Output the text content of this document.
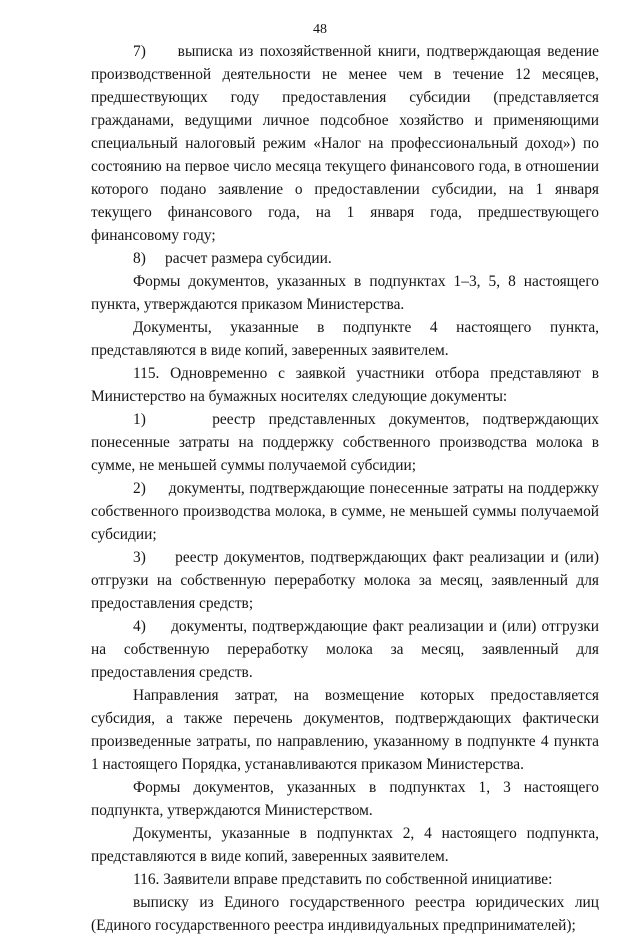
48

7)     выписка из похозяйственной книги, подтверждающая ведение производственной деятельности не менее чем в течение 12 месяцев, предшествующих году предоставления субсидии (представляется гражданами, ведущими личное подсобное хозяйство и применяющими специальный налоговый режим «Налог на профессиональный доход») по состоянию на первое число месяца текущего финансового года, в отношении которого подано заявление о предоставлении субсидии, на 1 января текущего финансового года, на 1 января года, предшествующего финансовому году;

8)     расчет размера субсидии.

Формы документов, указанных в подпунктах 1–3, 5, 8 настоящего пункта, утверждаются приказом Министерства.

Документы, указанные в подпункте 4 настоящего пункта, представляются в виде копий, заверенных заявителем.

115. Одновременно с заявкой участники отбора представляют в Министерство на бумажных носителях следующие документы:

1)     реестр представленных документов, подтверждающих понесенные затраты на поддержку собственного производства молока в сумме, не меньшей суммы получаемой субсидии;

2)     документы, подтверждающие понесенные затраты на поддержку собственного производства молока, в сумме, не меньшей суммы получаемой субсидии;

3)     реестр документов, подтверждающих факт реализации и (или) отгрузки на собственную переработку молока за месяц, заявленный для предоставления средств;

4)     документы, подтверждающие факт реализации и (или) отгрузки на собственную переработку молока за месяц, заявленный для предоставления средств.

Направления затрат, на возмещение которых предоставляется субсидия, а также перечень документов, подтверждающих фактически произведенные затраты, по направлению, указанному в подпункте 4 пункта 1 настоящего Порядка, устанавливаются приказом Министерства.

Формы документов, указанных в подпунктах 1, 3 настоящего подпункта, утверждаются Министерством.

Документы, указанные в подпунктах 2, 4 настоящего подпункта, представляются в виде копий, заверенных заявителем.

116. Заявители вправе представить по собственной инициативе:

выписку из Единого государственного реестра юридических лиц (Единого государственного реестра индивидуальных предпринимателей);
